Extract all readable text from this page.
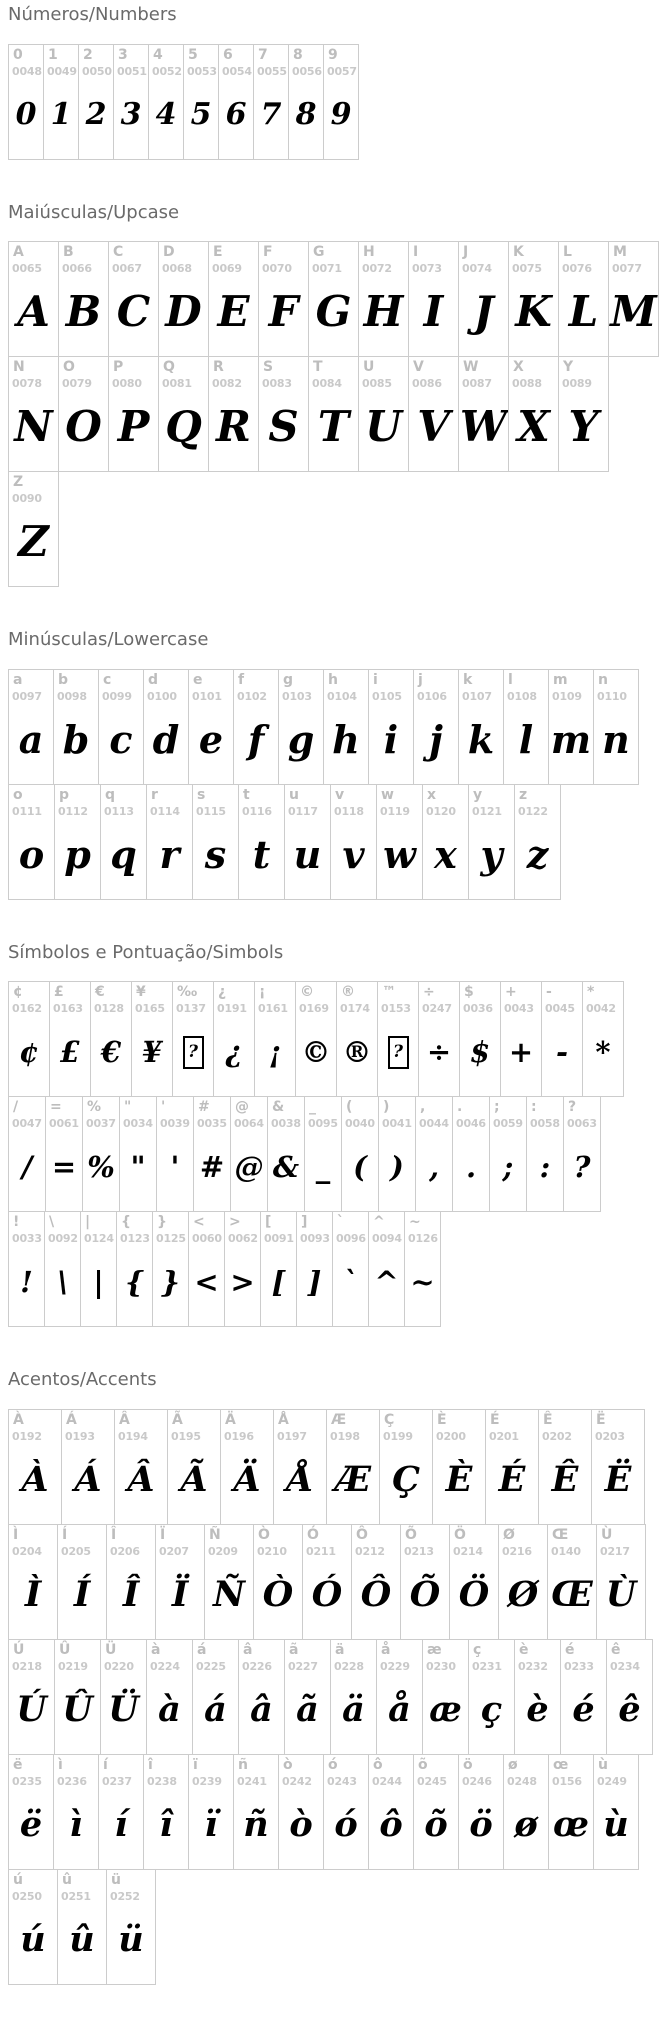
Números/Numbers
0
0048
0
1
0049
1
2
0050
2
3
0051
3
4
0052
4
5
0053
5
6
0054
6
7
0055
7
8
0056
8
9
0057
9
Maiúsculas/Upcase
A
0065
A
B
0066
B
C
0067
C
D
0068
D
E
0069
E
F
0070
F
G
0071
G
H
0072
H
I
0073
I
J
0074
J
K
0075
K
L
0076
L
M
0077
M
N
0078
N
O
0079
O
P
0080
P
Q
0081
Q
R
0082
R
S
0083
S
T
0084
T
U
0085
U
V
0086
V
W
0087
W
X
0088
X
Y
0089
Y
Z
0090
Z
Minúsculas/Lowercase
a
0097
a
b
0098
b
c
0099
c
d
0100
d
e
0101
e
f
0102
f
g
0103
g
h
0104
h
i
0105
i
j
0106
j
k
0107
k
l
0108
l
m
0109
m
n
0110
n
o
0111
o
p
0112
p
q
0113
q
r
0114
r
s
0115
s
t
0116
t
u
0117
u
v
0118
v
w
0119
w
x
0120
x
y
0121
y
z
0122
z
Símbolos e Pontuação/Simbols
¢
0162
¢
£
0163
£
€
0128
€
¥
0165
¥
‰
0137
?
¿
0191
¿
¡
0161
¡
©
0169
©
®
0174
®
™
0153
?
÷
0247
÷
$
0036
$
+
0043
+
-
0045
-
*
0042
*
/
0047
/
=
0061
=
%
0037
%
"
0034
"
'
0039
'
#
0035
#
@
0064
@
&
0038
&
_
0095
_
(
0040
(
)
0041
)
,
0044
,
.
0046
.
;
0059
;
:
0058
:
?
0063
?
!
0033
!
\
0092
\
|
0124
|
{
0123
{
}
0125
}
<
0060
<
>
0062
>
[
0091
[
]
0093
]
`
0096
`
^
0094
^
~
0126
~
Acentos/Accents
À
0192
À
Á
0193
Á
Â
0194
Â
Ã
0195
Ã
Ä
0196
Ä
Å
0197
Å
Æ
0198
Æ
Ç
0199
Ç
È
0200
È
É
0201
É
Ê
0202
Ê
Ë
0203
Ë
Ì
0204
Ì
Í
0205
Í
Î
0206
Î
Ï
0207
Ï
Ñ
0209
Ñ
Ò
0210
Ò
Ó
0211
Ó
Ô
0212
Ô
Õ
0213
Õ
Ö
0214
Ö
Ø
0216
Ø
Œ
0140
Œ
Ù
0217
Ù
Ú
0218
Ú
Û
0219
Û
Ü
0220
Ü
à
0224
à
á
0225
á
â
0226
â
ã
0227
ã
ä
0228
ä
å
0229
å
æ
0230
æ
ç
0231
ç
è
0232
è
é
0233
é
ê
0234
ê
ë
0235
ë
ì
0236
ì
í
0237
í
î
0238
î
ï
0239
ï
ñ
0241
ñ
ò
0242
ò
ó
0243
ó
ô
0244
ô
õ
0245
õ
ö
0246
ö
ø
0248
ø
œ
0156
œ
ù
0249
ù
ú
0250
ú
û
0251
û
ü
0252
ü
